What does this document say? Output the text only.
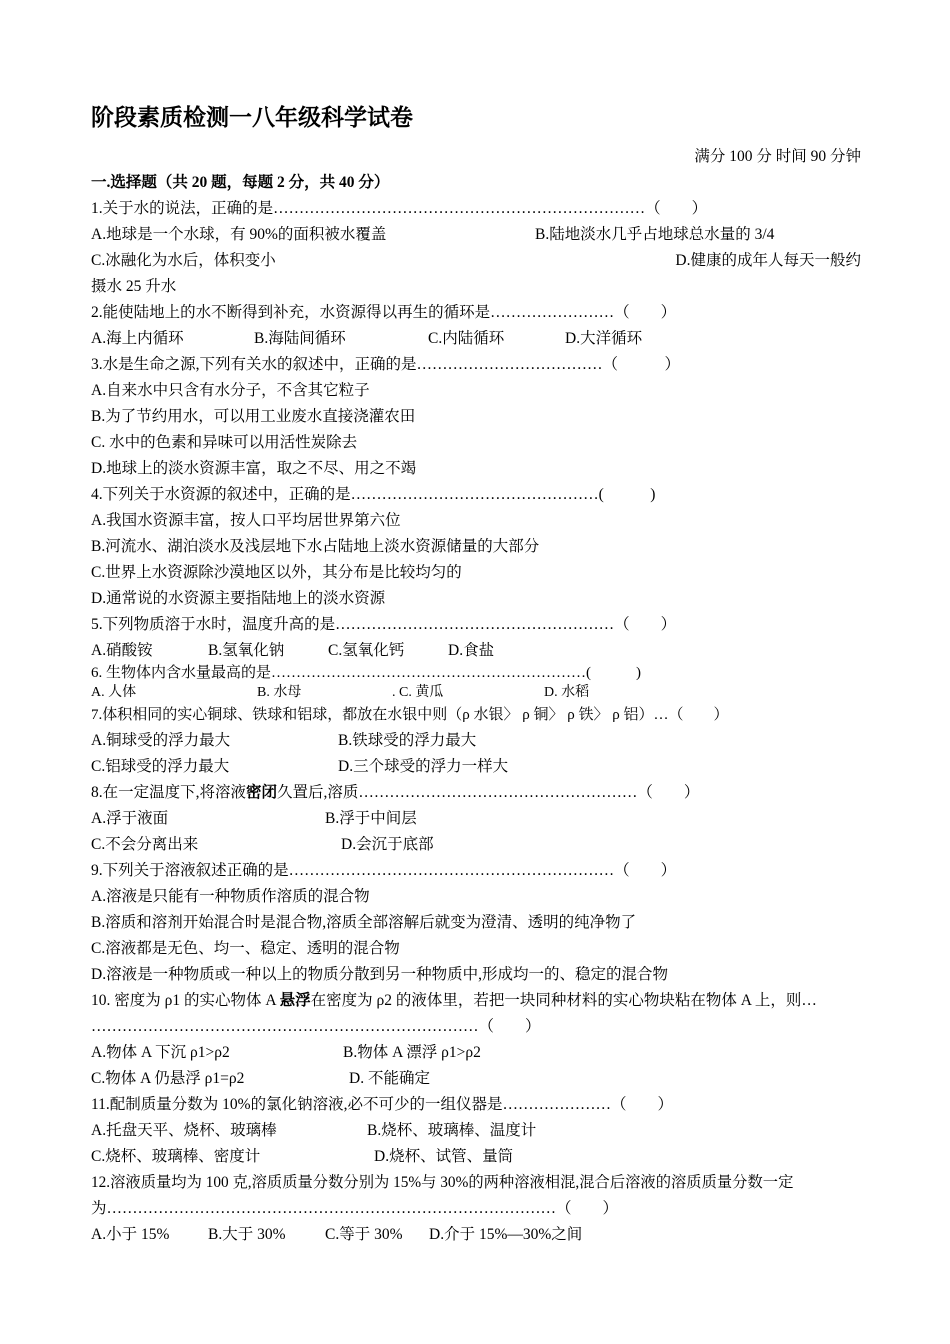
阶段素质检测一八年级科学试卷
满分 100 分 时间 90 分钟
一.选择题（共 20 题，每题 2 分，共 40 分）
1.关于水的说法，正确的是………………………………………………………………（　　）
A.地球是一个水球，有 90%的面积被水覆盖	B.陆地淡水几乎占地球总水量的 3/4
C.冰融化为水后，体积变小	D.健康的成年人每天一般约
摄水 25 升水
2.能使陆地上的水不断得到补充，水资源得以再生的循环是……………………（　　）
A.海上内循环	B.海陆间循环	C.内陆循环	D.大洋循环
3.水是生命之源,下列有关水的叙述中，正确的是………………………………（　　　）
A.自来水中只含有水分子，不含其它粒子
B.为了节约用水，可以用工业废水直接浇灌农田
C. 水中的色素和异味可以用活性炭除去
D.地球上的淡水资源丰富，取之不尽、用之不竭
4.下列关于水资源的叙述中，正确的是…………………………………………(　　　)
A.我国水资源丰富，按人口平均居世界第六位
B.河流水、湖泊淡水及浅层地下水占陆地上淡水资源储量的大部分
C.世界上水资源除沙漠地区以外，其分布是比较均匀的
D.通常说的水资源主要指陆地上的淡水资源
5.下列物质溶于水时，温度升高的是………………………………………………（　　）
A.硝酸铵	B.氢氧化钠	C.氢氧化钙	D.食盐
6. 生物体内含水量最高的是………………………………………………………(　　　)
A. 人体	B. 水母	. C. 黄瓜	D. 水稻
7.体积相同的实心铜球、铁球和铝球，都放在水银中则（ρ 水银〉 ρ 铜〉 ρ 铁〉 ρ 铝）…（　　）
A.铜球受的浮力最大	B.铁球受的浮力最大
C.铝球受的浮力最大	D.三个球受的浮力一样大
8.在一定温度下,将溶液密闭久置后,溶质………………………………………………（　　）
A.浮于液面	B.浮于中间层
C.不会分离出来	D.会沉于底部
9.下列关于溶液叙述正确的是………………………………………………………（　　）
A.溶液是只能有一种物质作溶质的混合物
B.溶质和溶剂开始混合时是混合物,溶质全部溶解后就变为澄清、透明的纯净物了
C.溶液都是无色、均一、稳定、透明的混合物
D.溶液是一种物质或一种以上的物质分散到另一种物质中,形成均一的、稳定的混合物
10. 密度为 ρ1 的实心物体 A 悬浮在密度为 ρ2 的液体里，若把一块同种材料的实心物块粘在物体 A 上，则…
…………………………………………………………………（　　）
A.物体 A 下沉 ρ1>ρ2	B.物体 A 漂浮 ρ1>ρ2
C.物体 A 仍悬浮 ρ1=ρ2	D. 不能确定
11.配制质量分数为 10%的氯化钠溶液,必不可少的一组仪器是…………………（　　）
A.托盘天平、烧杯、玻璃棒	B.烧杯、玻璃棒、温度计
C.烧杯、玻璃棒、密度计	D.烧杯、试管、量筒
12.溶液质量均为 100 克,溶质质量分数分别为 15%与 30%的两种溶液相混,混合后溶液的溶质质量分数一定
为……………………………………………………………………………（　　）
A.小于 15%	B.大于 30%	C.等于 30%	D.介于 15%—30%之间
